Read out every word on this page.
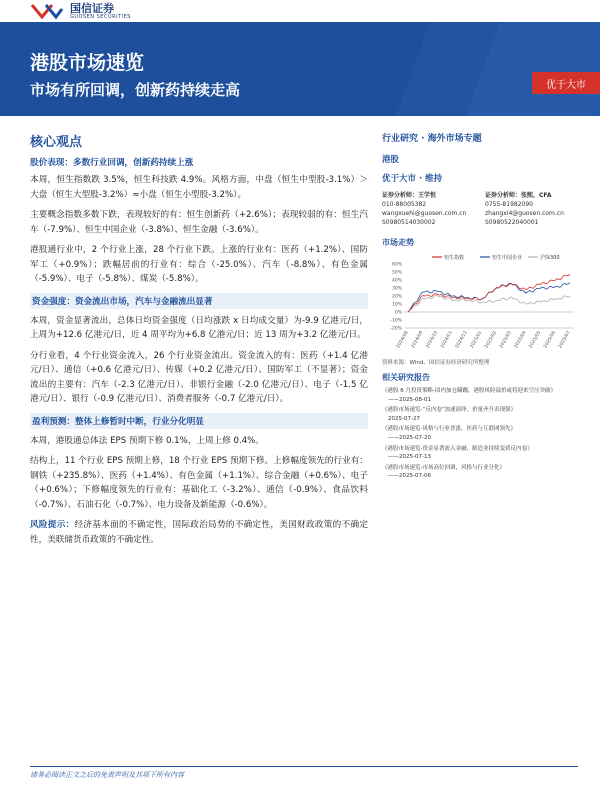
国信证券
GUOSEN SECURITIES
港股市场速览
市场有所回调，创新药持续走高	优于大市
核心观点
股价表现：多数行业回调，创新药持续上涨
本周，恒生指数跌 3.5%，恒生科技跌 4.9%。风格方面，中盘（恒生中型股-3.1%）＞大盘（恒生大型股-3.2%）≈小盘（恒生小型股-3.2%）。
主要概念指数多数下跌，表现较好的有：恒生创新药（+2.6%）；表现较弱的有：恒生汽车（-7.9%）、恒生中国企业（-3.8%）、恒生金融（-3.6%）。
港股通行业中，2 个行业上涨，28 个行业下跌。上涨的行业有：医药（+1.2%）、国防军工（+0.9%）；跌幅居前的行业有：综合（-25.0%）、汽车（-8.8%）、有色金属（-5.9%）、电子（-5.8%）、煤炭（-5.8%）。
资金强度：资金流出市场，汽车与金融流出显著
本周，资金显著流出，总体日均资金强度（日均涨跌 x 日均成交量）为-9.9 亿港元/日，上周为+12.6 亿港元/日，近 4 周平均为+6.8 亿港元/日；近 13 周为+3.2 亿港元/日。
分行业看，4 个行业资金流入，26 个行业资金流出。资金流入的有：医药（+1.4 亿港元/日）、通信（+0.6 亿港元/日）、传媒（+0.2 亿港元/日）、国防军工（不显著）；资金流出的主要有：汽车（-2.3 亿港元/日）、非银行金融（-2.0 亿港元/日）、电子（-1.5 亿港元/日）、银行（-0.9 亿港元/日）、消费者服务（-0.7 亿港元/日）。
盈利预测：整体上修暂时中断，行业分化明显
本周，港股通总体法 EPS 预期下修 0.1%，上周上修 0.4%。
结构上，11 个行业 EPS 预期上修，18 个行业 EPS 预期下修。上修幅度领先的行业有：钢铁（+235.8%）、医药（+1.4%）、有色金属（+1.1%）、综合金融（+0.6%）、电子（+0.6%）；下修幅度领先的行业有：基础化工（-3.2%）、通信（-0.9%）、食品饮料（-0.7%）、石油石化（-0.7%）、电力设备及新能源（-0.6%）。
风险提示：经济基本面的不确定性，国际政治局势的不确定性，美国财政政策的不确定性，美联储货币政策的不确定性。
行业研究 · 海外市场专题
港股
优于大市 · 维持
证券分析师：王学恒
010-88005382
wangxuehi@guosen.com.cn
S0980514030002
证券分析师：张熙，CFA
0755-81982090
zhangxi4@guosen.com.cn
S0980522040001
市场走势
恒生指数	恒生中国企业	沪深300
60%
50%
40%
30%
20%
10%
0%
-10%
-20%
2024/08 2024/09 2024/10 2024/11 2024/12 2025/01 2025/02 2025/03 2025/04 2025/05 2025/06 2025/07
资料来源：Wind、国信证券经济研究所整理
相关研究报告
《港股 6 月投资策略-国内加仓蹒跚，港股风险溢价或将迎来空压突破》
——2025-08-01
《港股市场速览-“反内卷”加速演绎，价量齐升表现强》
2025-07-27
《港股市场速览-风格与行业普涨，医药与互联网领先》
——2025-07-20
《港股市场速览-资金显著流入金融，制造业持续变质反内卷》
——2025-07-13
《港股市场速览-市场高位回调，风格与行业分化》
——2025-07-06
请务必阅读正文之后的免责声明及其项下所有内容
